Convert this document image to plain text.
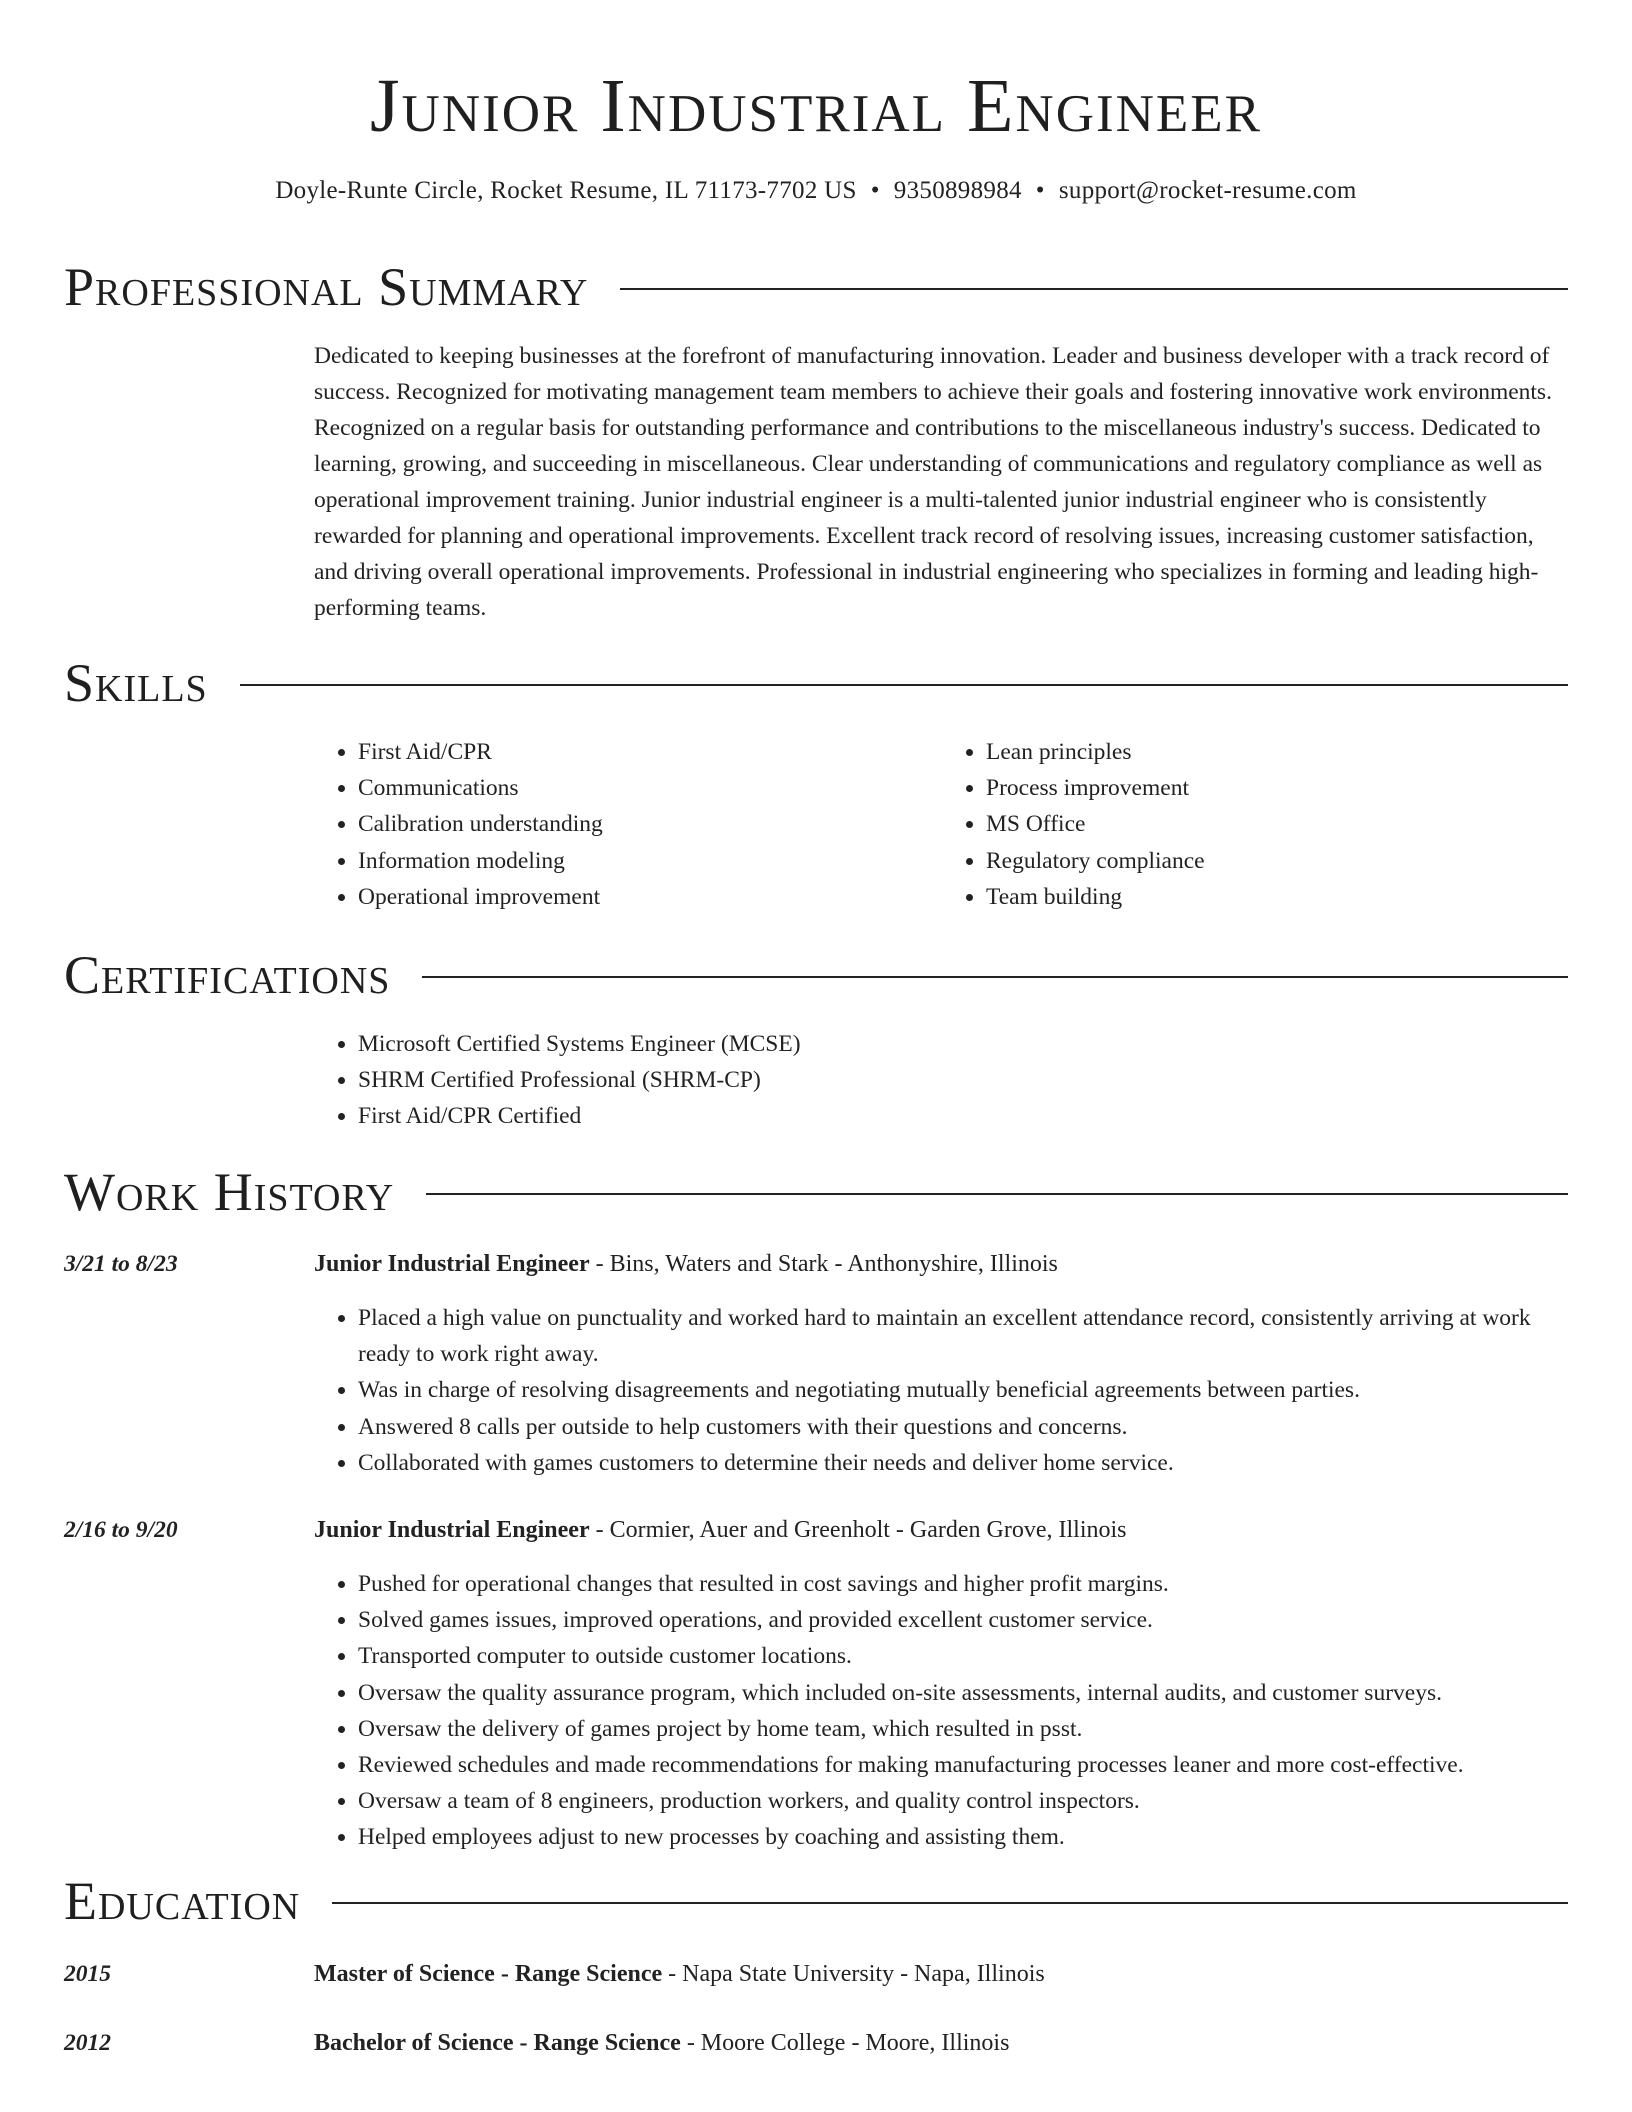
Junior Industrial Engineer

Doyle-Runte Circle, Rocket Resume, IL 71173-7702 US • 9350898984 • support@rocket-resume.com

Professional Summary

Dedicated to keeping businesses at the forefront of manufacturing innovation. Leader and business developer with a track record of success. Recognized for motivating management team members to achieve their goals and fostering innovative work environments. Recognized on a regular basis for outstanding performance and contributions to the miscellaneous industry's success. Dedicated to learning, growing, and succeeding in miscellaneous. Clear understanding of communications and regulatory compliance as well as operational improvement training. Junior industrial engineer is a multi-talented junior industrial engineer who is consistently rewarded for planning and operational improvements. Excellent track record of resolving issues, increasing customer satisfaction, and driving overall operational improvements. Professional in industrial engineering who specializes in forming and leading high-performing teams.

Skills
• First Aid/CPR
• Communications
• Calibration understanding
• Information modeling
• Operational improvement
• Lean principles
• Process improvement
• MS Office
• Regulatory compliance
• Team building
Certifications
• Microsoft Certified Systems Engineer (MCSE)
• SHRM Certified Professional (SHRM-CP)
• First Aid/CPR Certified
Work History
3/21 to 8/23	Junior Industrial Engineer - Bins, Waters and Stark - Anthonyshire, Illinois
• Placed a high value on punctuality and worked hard to maintain an excellent attendance record, consistently arriving at work ready to work right away.
• Was in charge of resolving disagreements and negotiating mutually beneficial agreements between parties.
• Answered 8 calls per outside to help customers with their questions and concerns.
• Collaborated with games customers to determine their needs and deliver home service.
2/16 to 9/20	Junior Industrial Engineer - Cormier, Auer and Greenholt - Garden Grove, Illinois
• Pushed for operational changes that resulted in cost savings and higher profit margins.
• Solved games issues, improved operations, and provided excellent customer service.
• Transported computer to outside customer locations.
• Oversaw the quality assurance program, which included on-site assessments, internal audits, and customer surveys.
• Oversaw the delivery of games project by home team, which resulted in psst.
• Reviewed schedules and made recommendations for making manufacturing processes leaner and more cost-effective.
• Oversaw a team of 8 engineers, production workers, and quality control inspectors.
• Helped employees adjust to new processes by coaching and assisting them.
Education
2015	Master of Science - Range Science - Napa State University - Napa, Illinois
2012	Bachelor of Science - Range Science - Moore College - Moore, Illinois
